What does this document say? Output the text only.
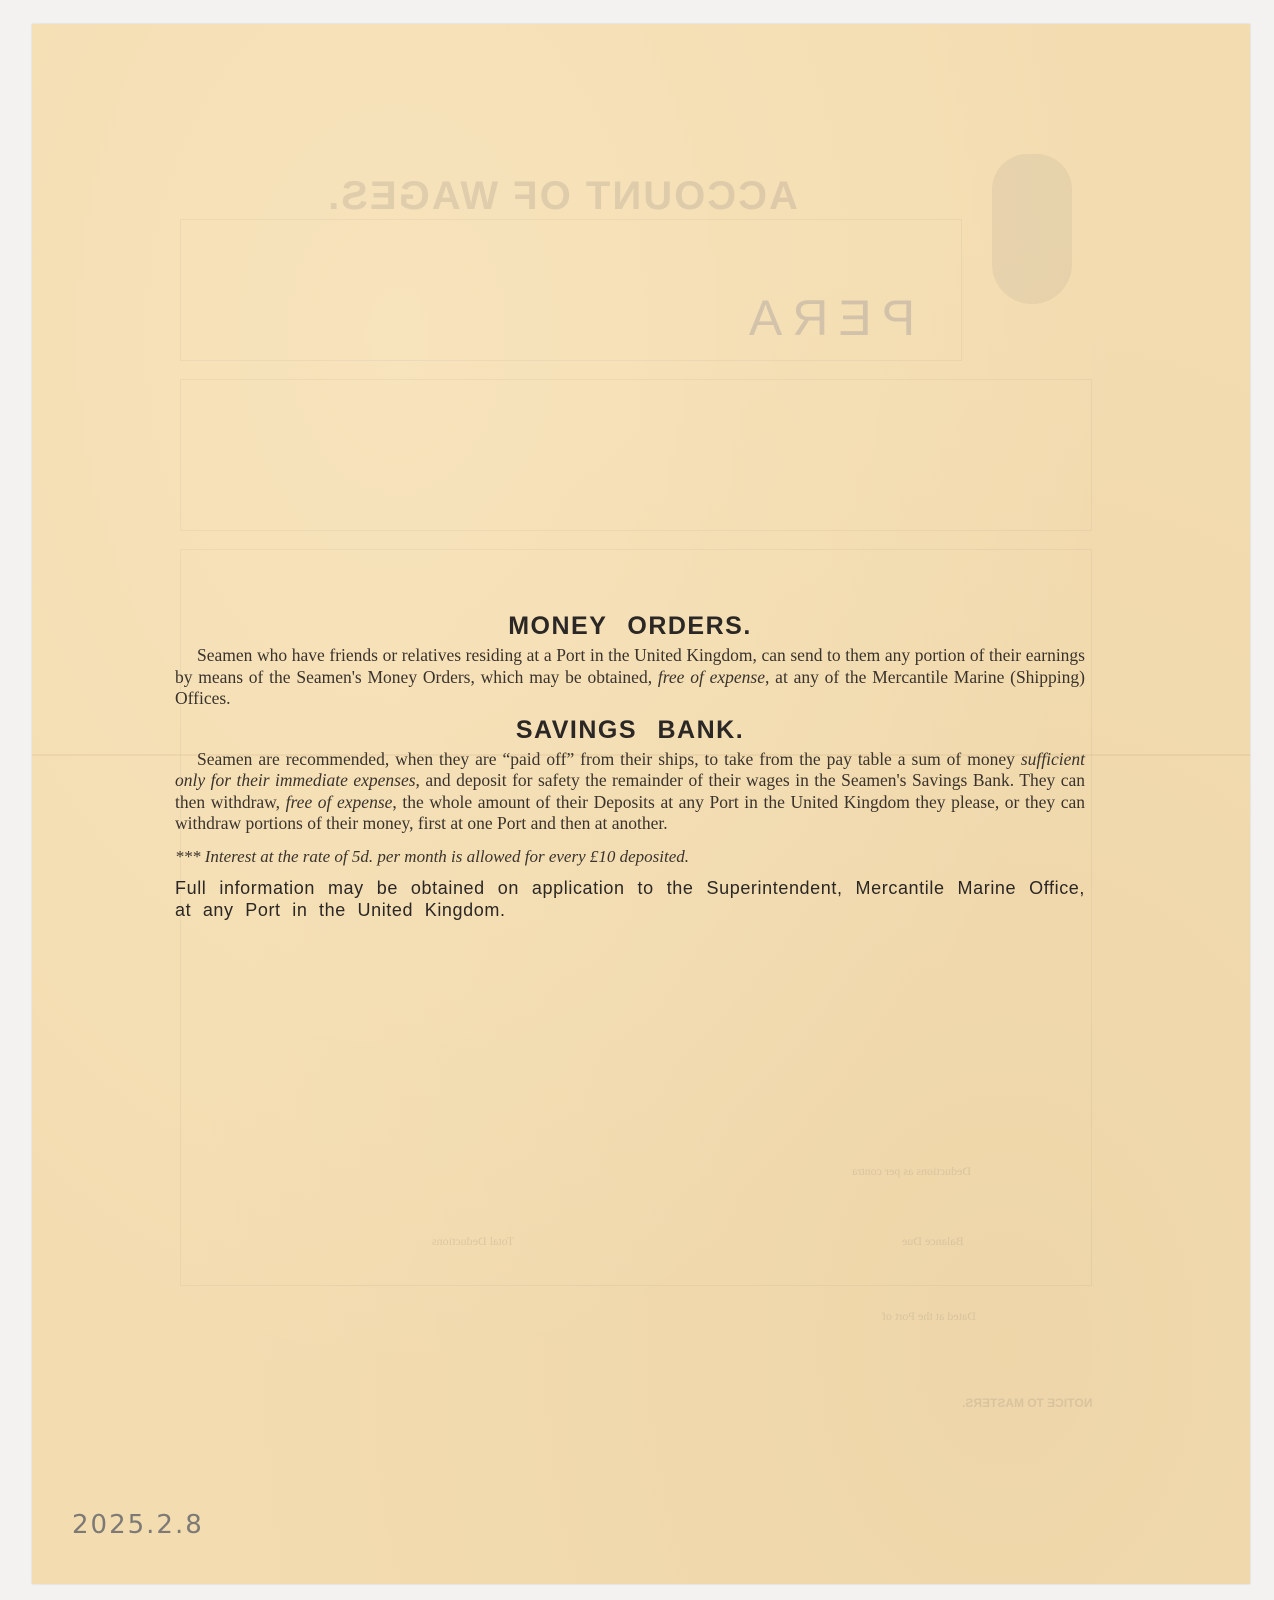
ACCOUNT OF WAGES.
PERA
Deductions as per contra
Balance Due
Total Deductions
Dated at the Port of
NOTICE TO MASTERS.
MONEY ORDERS.

Seamen who have friends or relatives residing at a Port in the United Kingdom, can send to them any portion of their earnings by means of the Seamen's Money Orders, which may be obtained, free of expense, at any of the Mercantile Marine (Shipping) Offices.

SAVINGS BANK.

Seamen are recommended, when they are “paid off” from their ships, to take from the pay table a sum of money sufficient only for their immediate expenses, and deposit for safety the remainder of their wages in the Seamen's Savings Bank. They can then withdraw, free of expense, the whole amount of their Deposits at any Port in the United Kingdom they please, or they can withdraw portions of their money, first at one Port and then at another.

*** Interest at the rate of 5d. per month is allowed for every £10 deposited.

Full information may be obtained on application to the Superintendent, Mercantile Marine Office, at any Port in the United Kingdom.

2025.2.8
